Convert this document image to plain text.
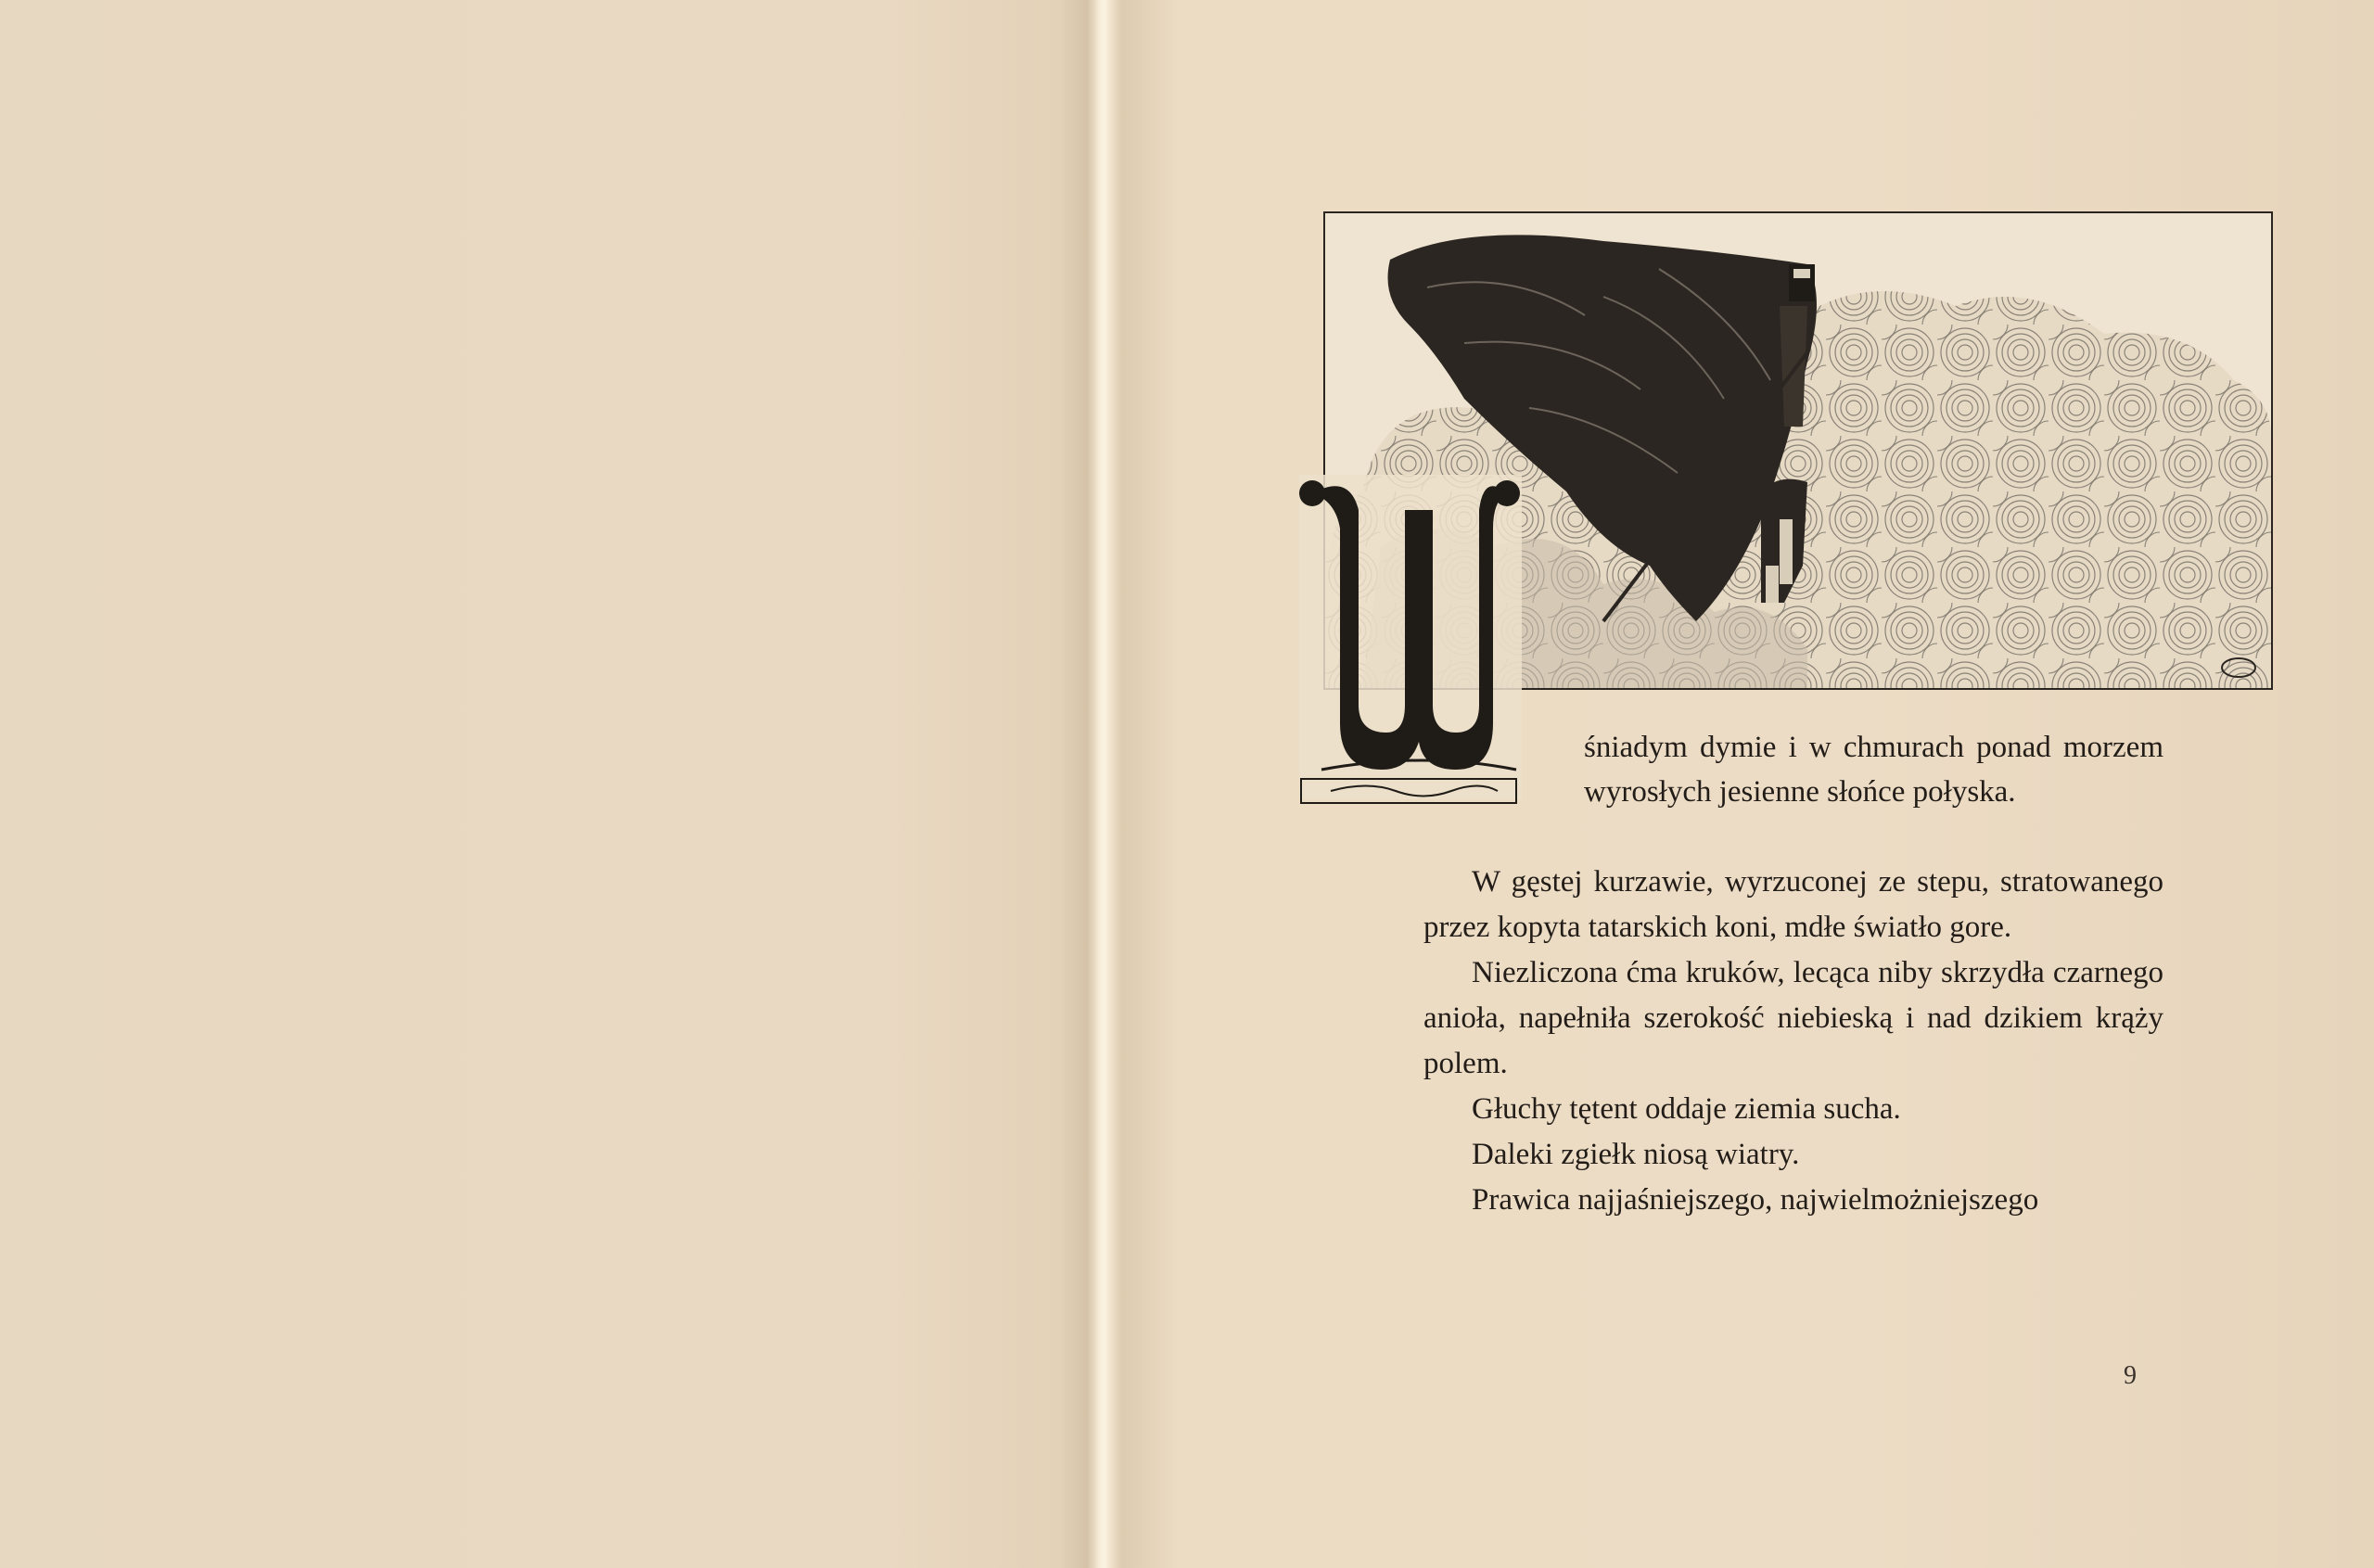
śniadym dymie i w chmurach ponad morzem wyrosłych jesienne słońce połyska.

W gęstej kurzawie, wyrzuconej ze stepu, stratowanego przez kopyta tatarskich koni, mdłe światło gore.

Niezliczona ćma kruków, lecąca niby skrzydła czarnego anioła, napełniła szerokość niebieską i nad dzikiem krąży polem.

Głuchy tętent oddaje ziemia sucha.

Daleki zgiełk niosą wiatry.

Prawica najjaśniejszego, najwielmożniejszego

9
